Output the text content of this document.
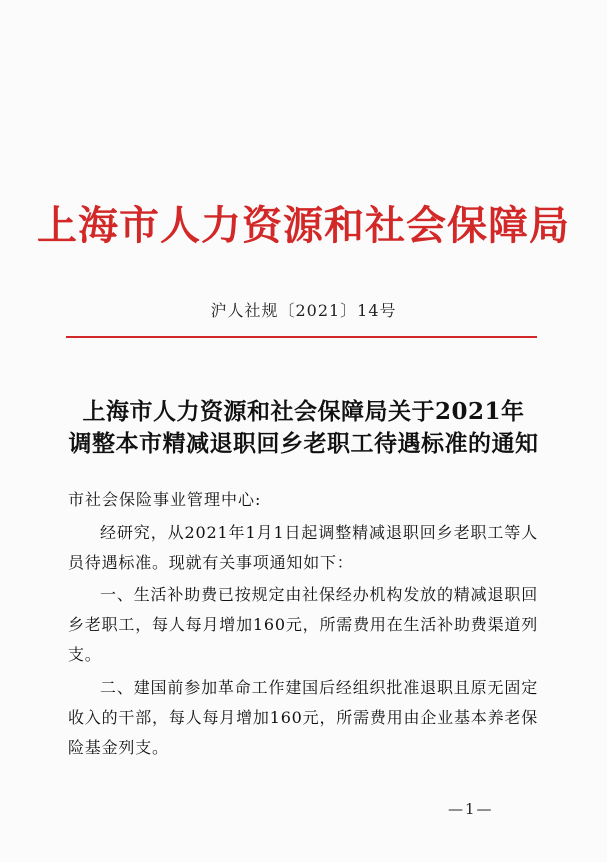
上海市人力资源和社会保障局
沪人社规〔2021〕14号
上海市人力资源和社会保障局关于2021年
调整本市精减退职回乡老职工待遇标准的通知
市社会保险事业管理中心:
经研究，从2021年1月1日起调整精减退职回乡老职工等人员待遇标准。现就有关事项通知如下：
一、生活补助费已按规定由社保经办机构发放的精减退职回乡老职工，每人每月增加160元，所需费用在生活补助费渠道列支。
二、建国前参加革命工作建国后经组织批准退职且原无固定收入的干部，每人每月增加160元，所需费用由企业基本养老保险基金列支。
—1—
